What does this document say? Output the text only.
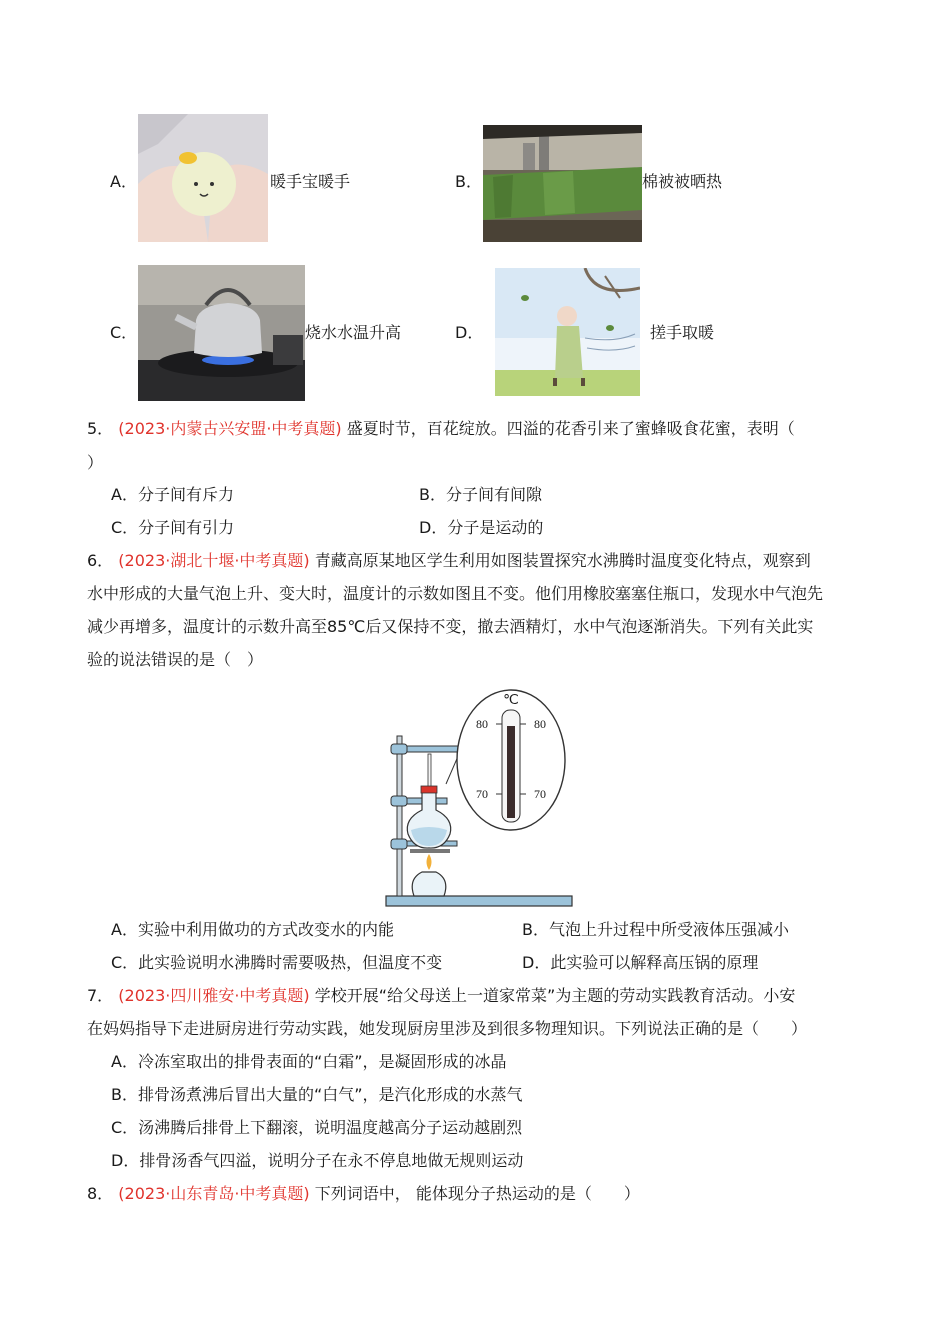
A．	暖手宝暖手	B．	棉被被晒热
C．	烧水水温升高	D．	搓手取暖
5． (2023·内蒙古兴安盟·中考真题) 盛夏时节，百花绽放。四溢的花香引来了蜜蜂吸食花蜜，表明（
）
A．分子间有斥力	B．分子间有间隙
C．分子间有引力	D．分子是运动的
6． (2023·湖北十堰·中考真题) 青藏高原某地区学生利用如图装置探究水沸腾时温度变化特点，观察到
水中形成的大量气泡上升、变大时，温度计的示数如图且不变。他们用橡胶塞塞住瓶口，发现水中气泡先
减少再增多，温度计的示数升高至85℃后又保持不变，撤去酒精灯，水中气泡逐渐消失。下列有关此实
验的说法错误的是（　）
℃
80	80
70	70
A．实验中利用做功的方式改变水的内能	B．气泡上升过程中所受液体压强减小
C．此实验说明水沸腾时需要吸热，但温度不变	D．此实验可以解释高压锅的原理
7． (2023·四川雅安·中考真题) 学校开展“给父母送上一道家常菜”为主题的劳动实践教育活动。小安
在妈妈指导下走进厨房进行劳动实践，她发现厨房里涉及到很多物理知识。下列说法正确的是（　　）
A．冷冻室取出的排骨表面的“白霜”，是凝固形成的冰晶
B．排骨汤煮沸后冒出大量的“白气”，是汽化形成的水蒸气
C．汤沸腾后排骨上下翻滚，说明温度越高分子运动越剧烈
D．排骨汤香气四溢，说明分子在永不停息地做无规则运动
8． (2023·山东青岛·中考真题) 下列词语中， 能体现分子热运动的是（　　）
